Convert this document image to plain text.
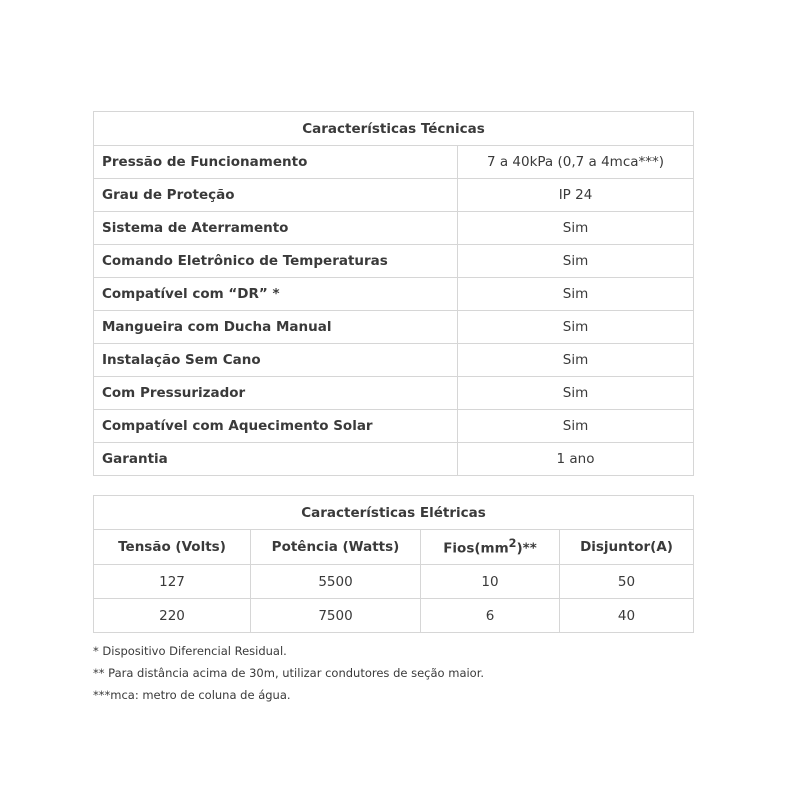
Características Técnicas	
Pressão de Funcionamento	7 a 40kPa (0,7 a 4mca***)
Grau de Proteção	IP 24
Sistema de Aterramento	Sim
Comando Eletrônico de Temperaturas	Sim
Compatível com “DR” *	Sim
Mangueira com Ducha Manual	Sim
Instalação Sem Cano	Sim
Com Pressurizador	Sim
Compatível com Aquecimento Solar	Sim
Garantia	1 ano
Características Elétricas			
Tensão (Volts)	Potência (Watts)	$Fios(mm^2)**$	Disjuntor(A)
127	5500	10	50
220	7500	6	40
* Dispositivo Diferencial Residual.
** Para distância acima de 30m, utilizar condutores de seção maior.
***mca: metro de coluna de água.
